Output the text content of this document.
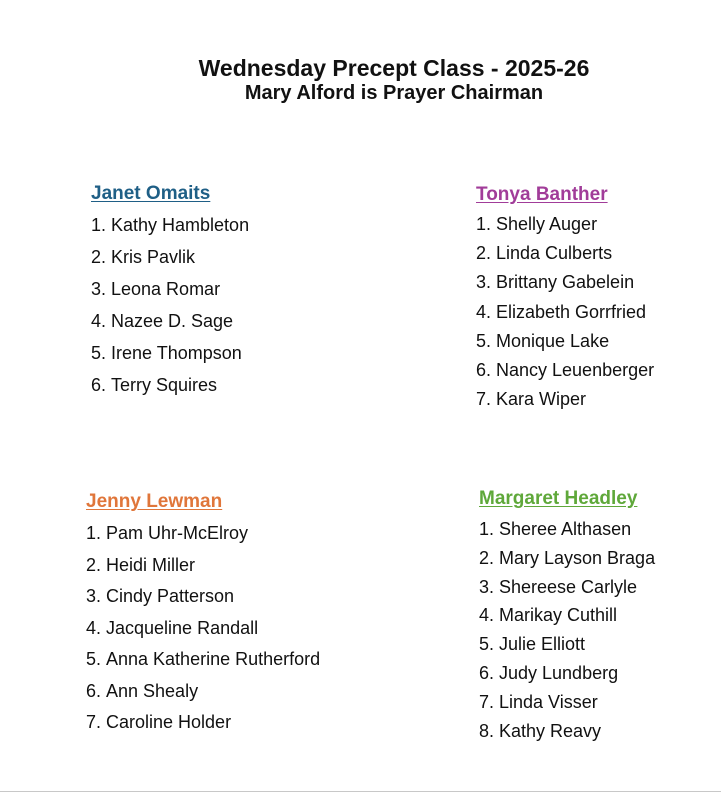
Wednesday Precept Class - 2025-26
Mary Alford is Prayer Chairman
Janet Omaits
1. Kathy Hambleton
2. Kris Pavlik
3. Leona Romar
4. Nazee D. Sage
5. Irene Thompson
6. Terry Squires
Tonya Banther
1. Shelly Auger
2. Linda Culberts
3. Brittany Gabelein
4. Elizabeth Gorrfried
5. Monique Lake
6. Nancy Leuenberger
7. Kara Wiper
Jenny Lewman
1. Pam Uhr-McElroy
2. Heidi Miller
3. Cindy Patterson
4. Jacqueline Randall
5. Anna Katherine Rutherford
6. Ann Shealy
7. Caroline Holder
Margaret Headley
1. Sheree Althasen
2. Mary Layson Braga
3. Shereese Carlyle
4. Marikay Cuthill
5. Julie Elliott
6. Judy Lundberg
7. Linda Visser
8. Kathy Reavy
